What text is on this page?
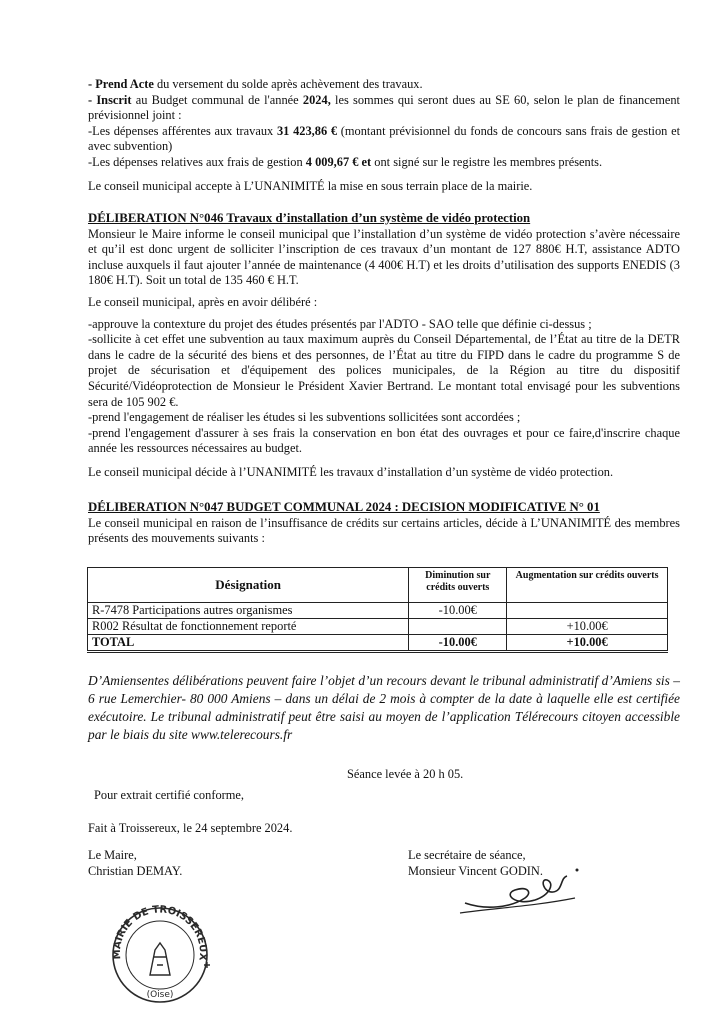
- Prend Acte du versement du solde après achèvement des travaux.

- Inscrit au Budget communal de l'année 2024, les sommes qui seront dues au SE 60, selon le plan de financement prévisionnel joint :

-Les dépenses afférentes aux travaux 31 423,86 € (montant prévisionnel du fonds de concours sans frais de gestion et avec subvention)

-Les dépenses relatives aux frais de gestion 4 009,67 € et ont signé sur le registre les membres présents.

Le conseil municipal accepte à L’UNANIMITÉ la mise en sous terrain place de la mairie.

DÉLIBERATION N°046 Travaux d’installation d’un système de vidéo protection

Monsieur le Maire informe le conseil municipal que l’installation d’un système de vidéo protection s’avère nécessaire et qu’il est donc urgent de solliciter l’inscription de ces travaux d’un montant de 127 880€ H.T, assistance ADTO incluse auxquels il faut ajouter l’année de maintenance (4 400€ H.T) et les droits d’utilisation des supports ENEDIS (3 180€ H.T). Soit un total de 135 460 € H.T.

Le conseil municipal, après en avoir délibéré :

-approuve la contexture du projet des études présentés par l'ADTO - SAO telle que définie ci-dessus ;

-sollicite à cet effet une subvention au taux maximum auprès du Conseil Départemental, de l’État au titre de la DETR dans le cadre de la sécurité des biens et des personnes, de l’État au titre du FIPD dans le cadre du programme S de projet de sécurisation et d'équipement des polices municipales, de la Région au titre du dispositif Sécurité/Vidéoprotection de Monsieur le Président Xavier Bertrand. Le montant total envisagé pour les subventions sera de 105 902 €.

-prend l'engagement de réaliser les études si les subventions sollicitées sont accordées ;

-prend l'engagement d'assurer à ses frais la conservation en bon état des ouvrages et pour ce faire,d'inscrire chaque année les ressources nécessaires au budget.

Le conseil municipal décide à l’UNANIMITÉ les travaux d’installation d’un système de vidéo protection.

DÉLIBERATION N°047 BUDGET COMMUNAL 2024 : DECISION MODIFICATIVE N° 01

Le conseil municipal en raison de l’insuffisance de crédits sur certains articles, décide à L’UNANIMITÉ des membres présents des mouvements suivants :

Désignation	Diminution sur crédits ouverts	Augmentation sur crédits ouverts
R-7478 Participations autres organismes	-10.00€	
R002 Résultat de fonctionnement reporté		+10.00€
TOTAL	-10.00€	+10.00€

D’Amiensentes délibérations peuvent faire l’objet d’un recours devant le tribunal administratif d’Amiens sis – 6 rue Lemerchier- 80 000 Amiens – dans un délai de 2 mois à compter de la date à laquelle elle est certifiée exécutoire. Le tribunal administratif peut être saisi au moyen de l’application Télérecours citoyen accessible par le biais du site www.telerecours.fr

Séance levée à 20 h 05.
Pour extrait certifié conforme,
Fait à Troissereux, le 24 septembre 2024.
Le Maire,
Christian DEMAY.
Le secrétaire de séance,
Monsieur Vincent GODIN.
MAIRIE DE TROISSEREUX
(Oise)
